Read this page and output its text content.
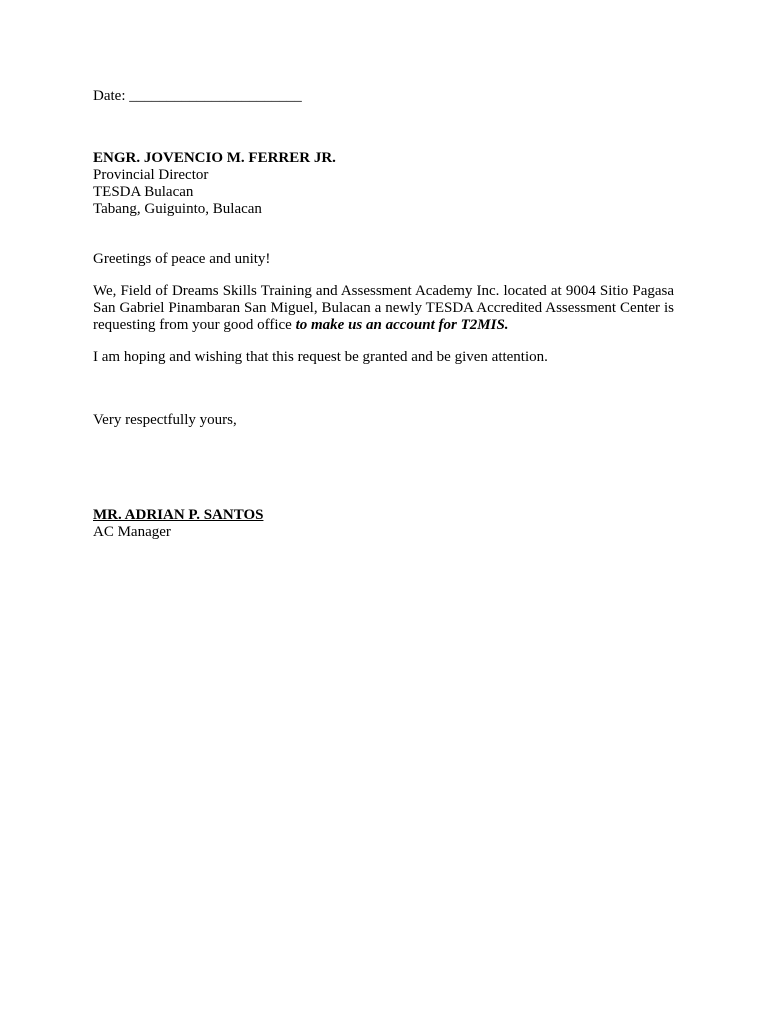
Date: _______________________
ENGR. JOVENCIO M. FERRER JR.
Provincial Director
TESDA Bulacan
Tabang, Guiguinto, Bulacan
Greetings of peace and unity!
We, Field of Dreams Skills Training and Assessment Academy Inc. located at 9004 Sitio Pagasa San Gabriel Pinambaran San Miguel, Bulacan a newly TESDA Accredited Assessment Center is requesting from your good office to make us an account for T2MIS.
I am hoping and wishing that this request be granted and be given attention.
Very respectfully yours,
MR. ADRIAN P. SANTOS
AC Manager
